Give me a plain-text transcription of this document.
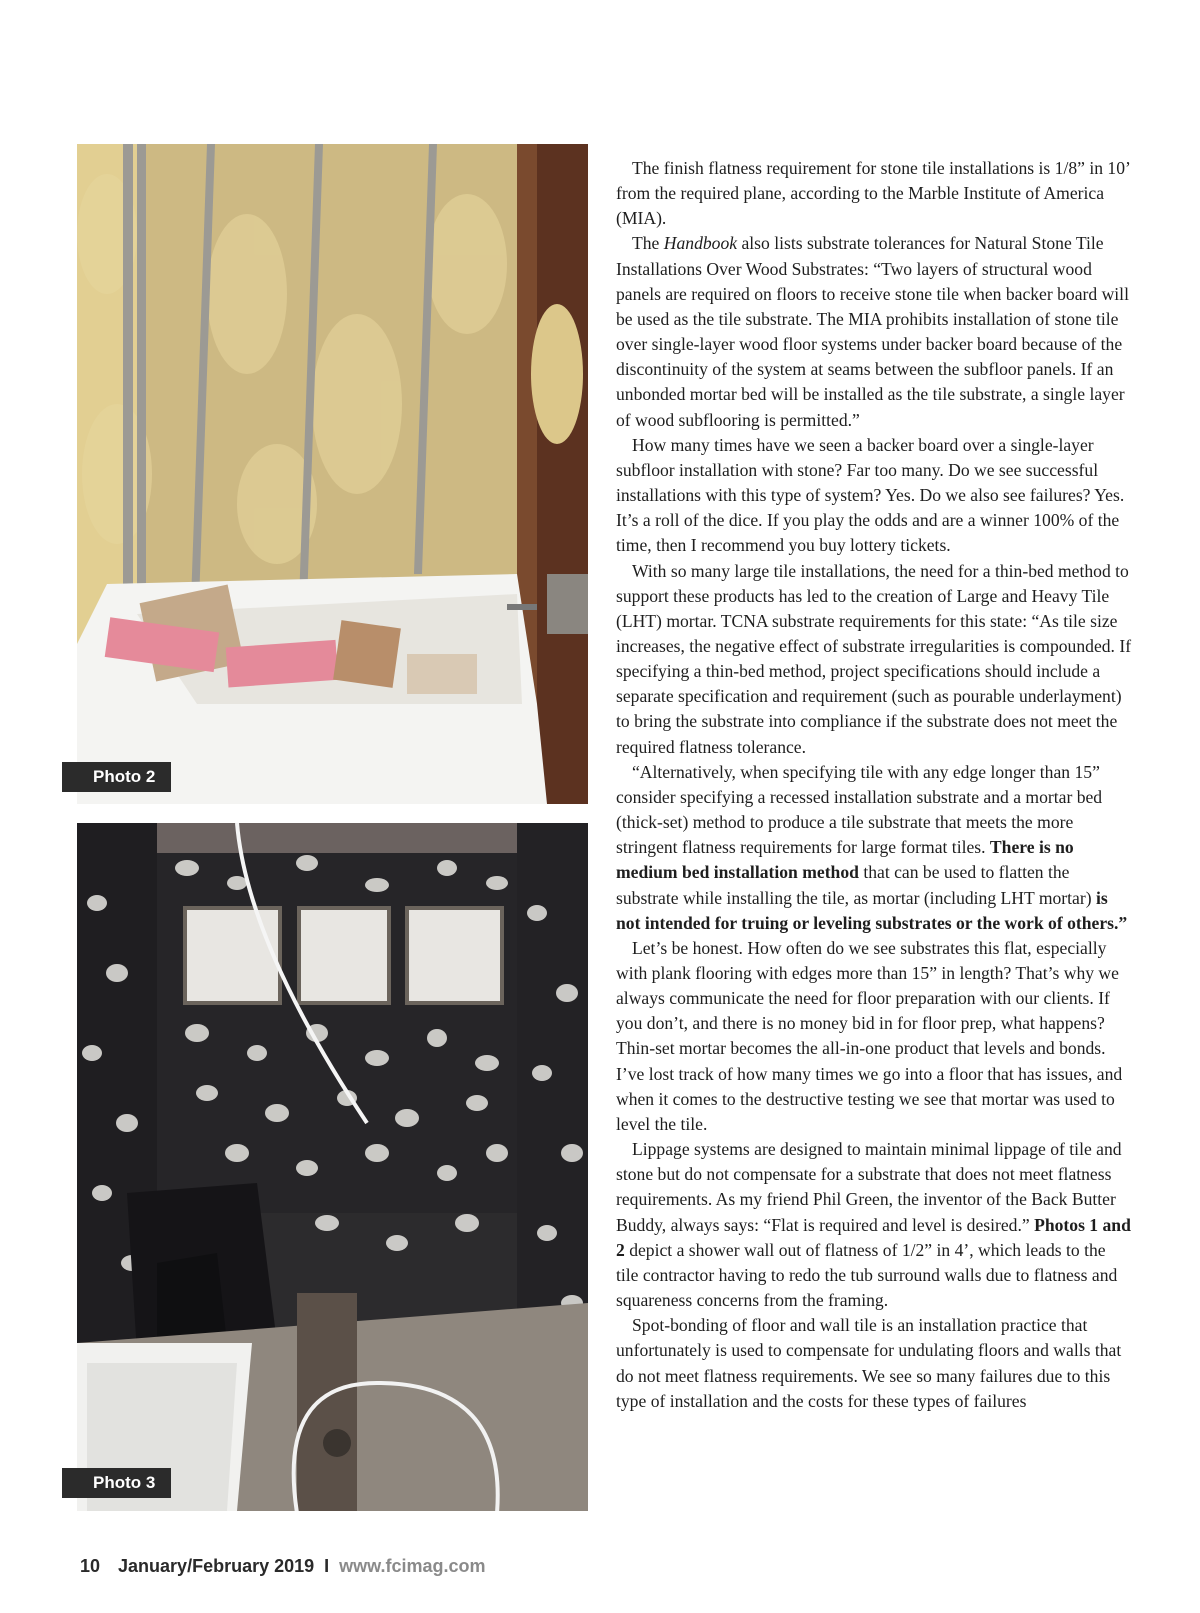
Photo 2
Photo 3

The finish flatness requirement for stone tile installations is 1/8” in 10’ from the required plane, according to the Marble Institute of America (MIA).

The Handbook also lists substrate tolerances for Natural Stone Tile Installations Over Wood Substrates: “Two layers of structural wood panels are required on floors to receive stone tile when backer board will be used as the tile substrate. The MIA prohibits installation of stone tile over single-layer wood floor systems under backer board because of the discontinuity of the system at seams between the subfloor panels. If an unbonded mortar bed will be installed as the tile substrate, a single layer of wood subflooring is permitted.”

How many times have we seen a backer board over a single-layer subfloor installation with stone? Far too many. Do we see successful installations with this type of system? Yes. Do we also see failures? Yes. It’s a roll of the dice. If you play the odds and are a winner 100% of the time, then I recommend you buy lottery tickets.

With so many large tile installations, the need for a thin-bed method to support these products has led to the creation of Large and Heavy Tile (LHT) mortar. TCNA substrate requirements for this state: “As tile size increases, the negative effect of substrate irregularities is compounded. If specifying a thin-bed method, project specifications should include a separate specification and requirement (such as pourable underlayment) to bring the substrate into compliance if the substrate does not meet the required flatness tolerance.

“Alternatively, when specifying tile with any edge longer than 15” consider specifying a recessed installation substrate and a mortar bed (thick-set) method to produce a tile substrate that meets the more stringent flatness requirements for large format tiles. There is no medium bed installation method that can be used to flatten the substrate while installing the tile, as mortar (including LHT mortar) is not intended for truing or leveling substrates or the work of others.”

Let’s be honest. How often do we see substrates this flat, especially with plank flooring with edges more than 15” in length? That’s why we always communicate the need for floor preparation with our clients. If you don’t, and there is no money bid in for floor prep, what happens? Thin-set mortar becomes the all-in-one product that levels and bonds. I’ve lost track of how many times we go into a floor that has issues, and when it comes to the destructive testing we see that mortar was used to level the tile.

Lippage systems are designed to maintain minimal lippage of tile and stone but do not compensate for a substrate that does not meet flatness requirements. As my friend Phil Green, the inventor of the Back Butter Buddy, always says: “Flat is required and level is desired.” Photos 1 and 2 depict a shower wall out of flatness of 1/2” in 4’, which leads to the tile contractor having to redo the tub surround walls due to flatness and squareness concerns from the framing.

Spot-bonding of floor and wall tile is an installation practice that unfortunately is used to compensate for undulating floors and walls that do not meet flatness requirements. We see so many failures due to this type of installation and the costs for these types of failures

10 January/February 2019 I www.fcimag.com
